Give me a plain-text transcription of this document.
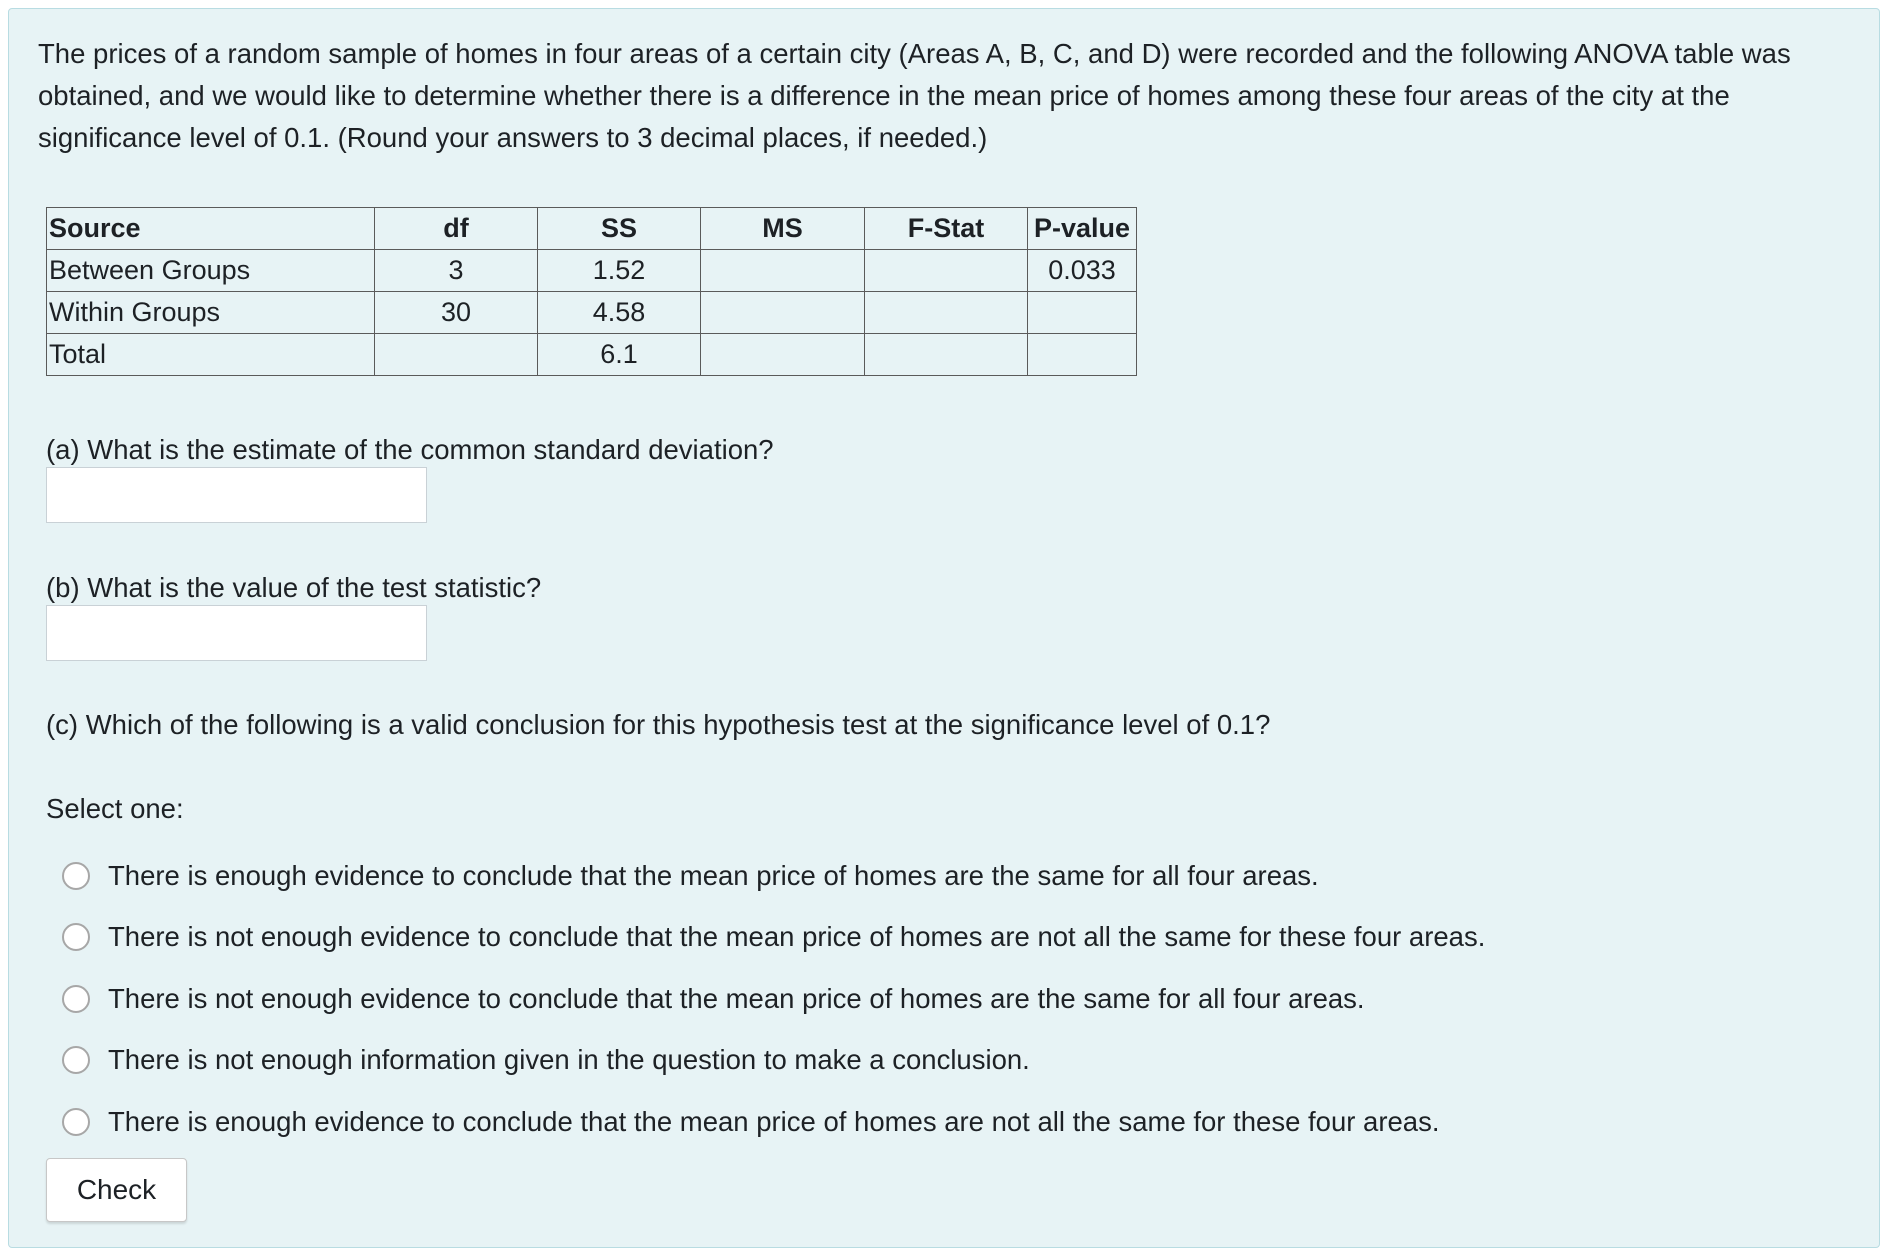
The prices of a random sample of homes in four areas of a certain city (Areas A, B, C, and D) were recorded and the following ANOVA table was obtained, and we would like to determine whether there is a difference in the mean price of homes among these four areas of the city at the significance level of 0.1. (Round your answers to 3 decimal places, if needed.)

Source	df	SS	MS	F-Stat	P-value
Between Groups	3	1.52			0.033
Within Groups	30	4.58			
Total		6.1			
(a) What is the estimate of the common standard deviation?
(b) What is the value of the test statistic?
(c) Which of the following is a valid conclusion for this hypothesis test at the significance level of 0.1?
Select one:
There is enough evidence to conclude that the mean price of homes are the same for all four areas.
There is not enough evidence to conclude that the mean price of homes are not all the same for these four areas.
There is not enough evidence to conclude that the mean price of homes are the same for all four areas.
There is not enough information given in the question to make a conclusion.
There is enough evidence to conclude that the mean price of homes are not all the same for these four areas.
Check
